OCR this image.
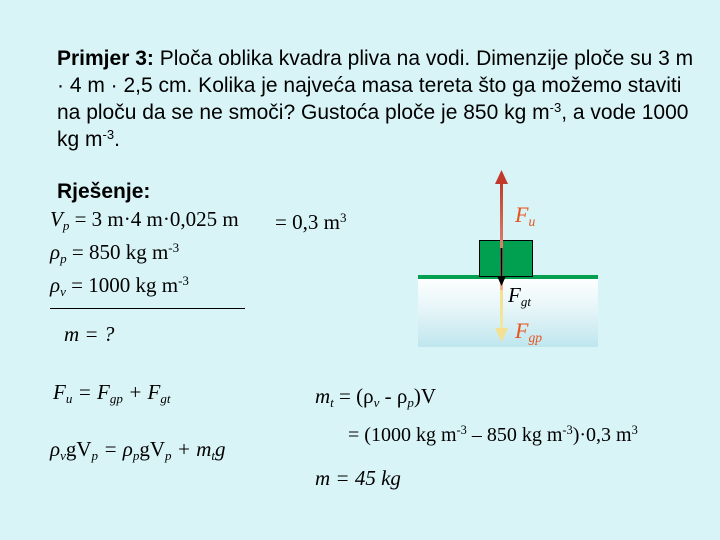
Primjer 3: Ploča oblika kvadra pliva na vodi. Dimenzije ploče su 3 m · 4 m · 2,5 cm. Kolika je najveća masa tereta što ga možemo staviti na ploču da se ne smoči? Gustoća ploče je 850 kg $m^{-3}$, a vode 1000 kg $m^{-3}$.
Rješenje:
$V_p = 3$ m·4 m·0,025 m = 0,3 $m^3$
$\rho_p = 850$ kg $m^{-3}$
$\rho_v = 1000$ kg $m^{-3}$
m = ?
$F_u = F_{gp} + F_{gt}$
$\rho_vgV_p = \rho_pgV_p + m_tg$
$m_t = (\rho_v - \rho_p)V$
= (1000 kg $m^{-3} - 850$ kg $m^{-3})\cdot 0,3$ $m^3$
m = 45 kg
$F_u$
$F_{gt}$
$F_{gp}$
